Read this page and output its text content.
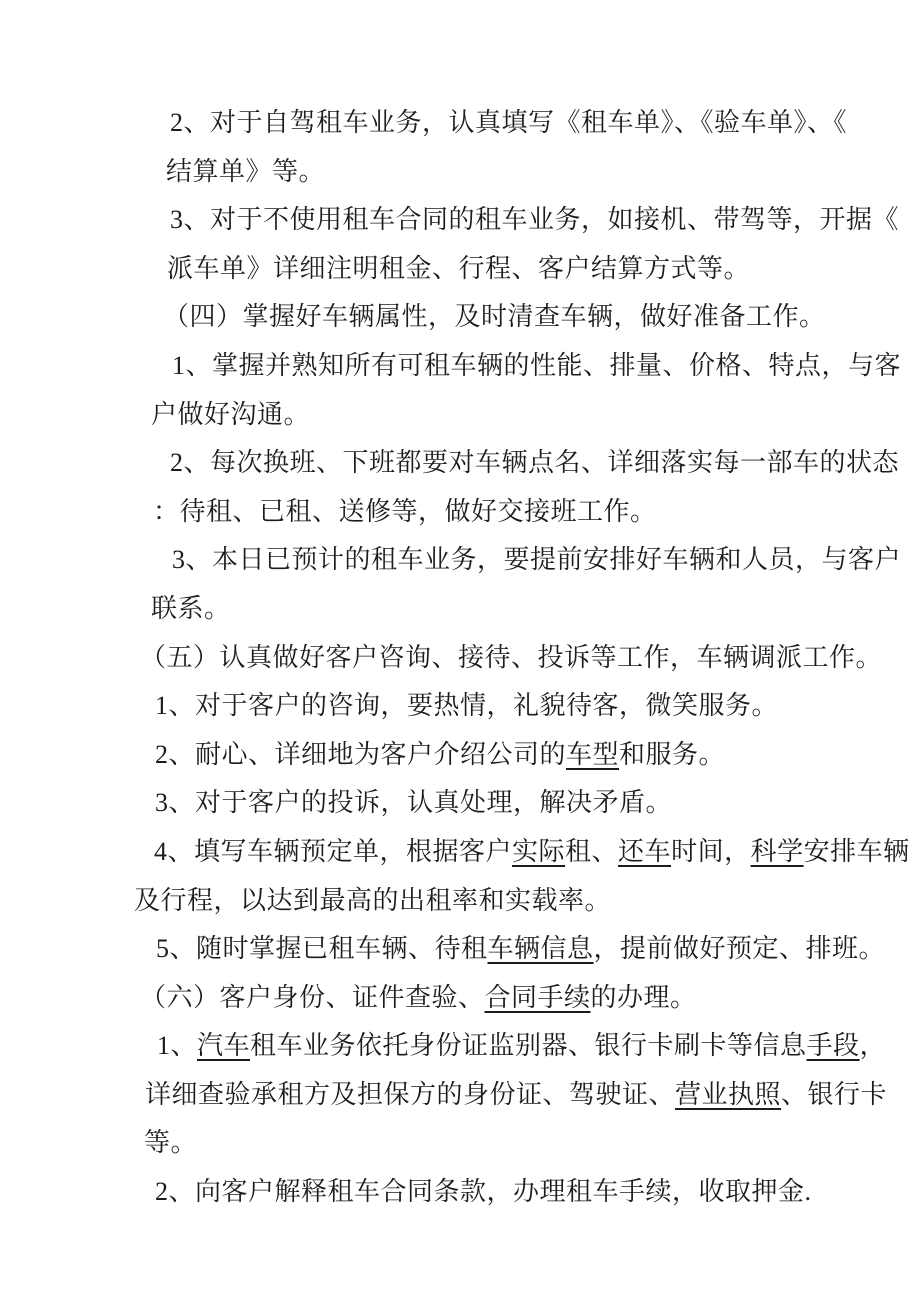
2、对于自驾租车业务，认真填写《租车单》、《验车单》、《
结算单》等。
3、对于不使用租车合同的租车业务，如接机、带驾等，开据《
派车单》详细注明租金、行程、客户结算方式等。
（四）掌握好车辆属性，及时清查车辆，做好准备工作。
1、掌握并熟知所有可租车辆的性能、排量、价格、特点，与客
户做好沟通。
2、每次换班、下班都要对车辆点名、详细落实每一部车的状态
：待租、已租、送修等，做好交接班工作。
3、本日已预计的租车业务，要提前安排好车辆和人员，与客户
联系。
（五）认真做好客户咨询、接待、投诉等工作，车辆调派工作。
1、对于客户的咨询，要热情，礼貌待客，微笑服务。
2、耐心、详细地为客户介绍公司的车型和服务。
3、对于客户的投诉，认真处理，解决矛盾。
4、填写车辆预定单，根据客户实际租、还车时间，科学安排车辆
及行程，以达到最高的出租率和实载率。
5、随时掌握已租车辆、待租车辆信息，提前做好预定、排班。
（六）客户身份、证件查验、合同手续的办理。
1、汽车租车业务依托身份证监别器、银行卡刷卡等信息手段，
详细查验承租方及担保方的身份证、驾驶证、营业执照、银行卡
等。
2、向客户解释租车合同条款，办理租车手续，收取押金.
